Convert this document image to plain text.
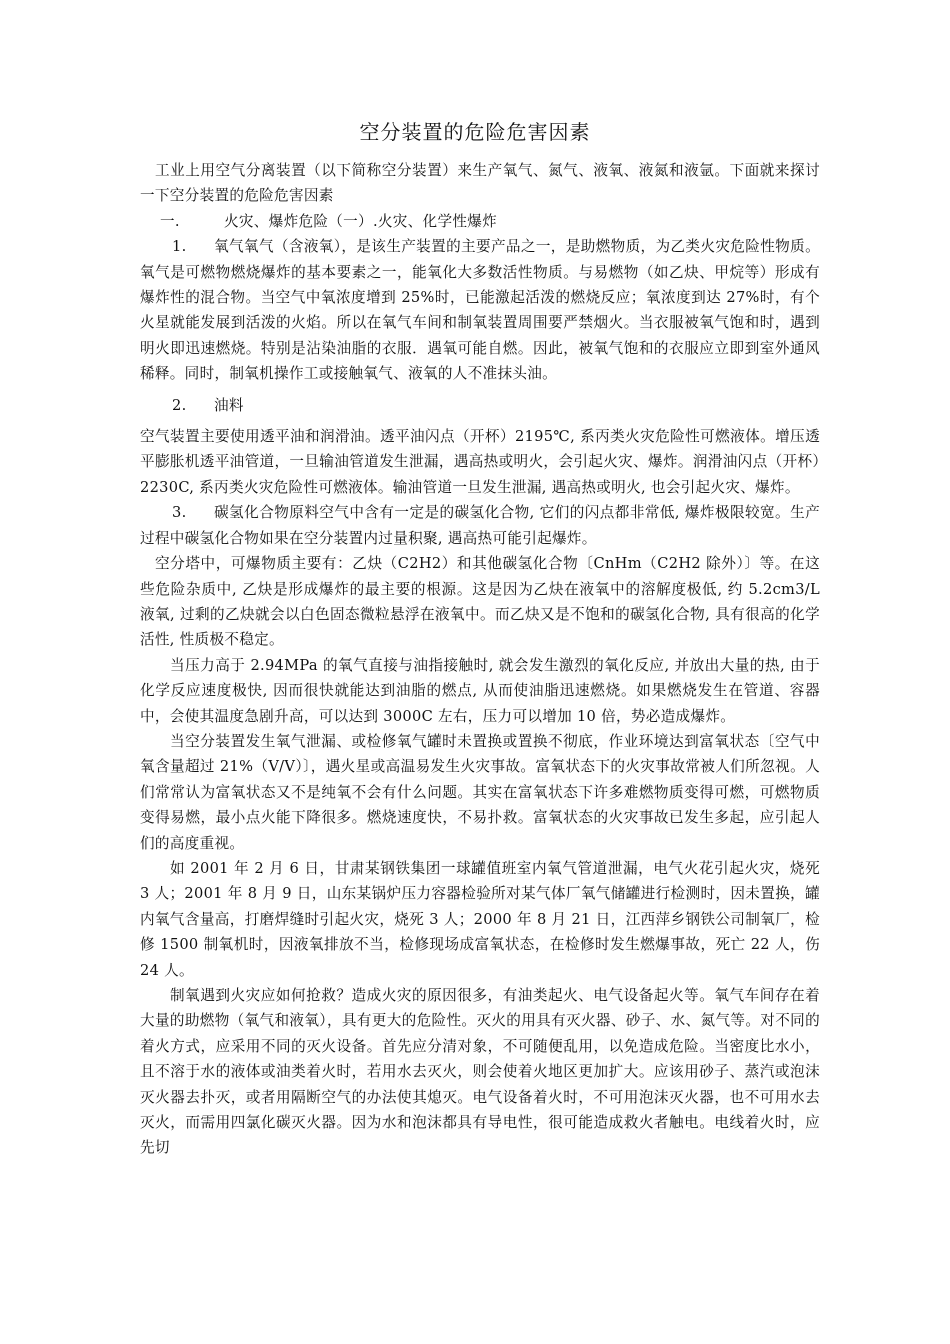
空分装置的危险危害因素

工业上用空气分离装置（以下简称空分装置）来生产氧气、氮气、液氧、液氮和液氩。下面就来探讨一下空分装置的危险危害因素

一.	火灾、爆炸危险（一）.火灾、化学性爆炸

1. 氧气氧气（含液氧），是该生产装置的主要产品之一，是助燃物质，为乙类火灾危险性物质。氧气是可燃物燃烧爆炸的基本要素之一，能氧化大多数活性物质。与易燃物（如乙炔、甲烷等）形成有爆炸性的混合物。当空气中氧浓度增到 25%时，已能激起活泼的燃烧反应；氧浓度到达 27%时，有个火星就能发展到活泼的火焰。所以在氧气车间和制氧装置周围要严禁烟火。当衣服被氧气饱和时，遇到明火即迅速燃烧。特别是沾染油脂的衣服．遇氧可能自燃。因此，被氧气饱和的衣服应立即到室外通风稀释。同时，制氧机操作工或接触氧气、液氧的人不准抹头油。

2. 油料

空气装置主要使用透平油和润滑油。透平油闪点（开杯）2195℃, 系丙类火灾危险性可燃液体。增压透平膨胀机透平油管道，一旦输油管道发生泄漏，遇高热或明火，会引起火灾、爆炸。润滑油闪点（开杯）2230C, 系丙类火灾危险性可燃液体。输油管道一旦发生泄漏, 遇高热或明火, 也会引起火灾、爆炸。

3. 碳氢化合物原料空气中含有一定是的碳氢化合物, 它们的闪点都非常低, 爆炸极限较宽。生产过程中碳氢化合物如果在空分装置内过量积聚, 遇高热可能引起爆炸。

空分塔中，可爆物质主要有：乙炔（C2H2）和其他碳氢化合物〔CnHm（C2H2 除外）〕等。在这些危险杂质中, 乙炔是形成爆炸的最主要的根源。这是因为乙炔在液氧中的溶解度极低, 约 5.2cm3/L 液氧, 过剩的乙炔就会以白色固态微粒悬浮在液氧中。而乙炔又是不饱和的碳氢化合物, 具有很高的化学活性, 性质极不稳定。

当压力高于 2.94MPa 的氧气直接与油指接触时, 就会发生激烈的氧化反应, 并放出大量的热, 由于化学反应速度极快, 因而很快就能达到油脂的燃点, 从而使油脂迅速燃烧。如果燃烧发生在管道、容器中，会使其温度急剧升高，可以达到 3000C 左右，压力可以增加 10 倍，势必造成爆炸。

当空分装置发生氧气泄漏、或检修氧气罐时未置换或置换不彻底，作业环境达到富氧状态〔空气中氧含量超过 21%（V/V）〕，遇火星或高温易发生火灾事故。富氧状态下的火灾事故常被人们所忽视。人们常常认为富氧状态又不是纯氧不会有什么问题。其实在富氧状态下许多难燃物质变得可燃，可燃物质变得易燃，最小点火能下降很多。燃烧速度快，不易扑救。富氧状态的火灾事故已发生多起，应引起人们的高度重视。

如 2001 年 2 月 6 日，甘肃某钢铁集团一球罐值班室内氧气管道泄漏，电气火花引起火灾，烧死 3 人；2001 年 8 月 9 日，山东某锅炉压力容器检验所对某气体厂氧气储罐进行检测时，因未置换，罐内氧气含量高，打磨焊缝时引起火灾，烧死 3 人；2000 年 8 月 21 日，江西萍乡钢铁公司制氧厂，检修 1500 制氧机时，因液氧排放不当，检修现场成富氧状态，在检修时发生燃爆事故，死亡 22 人，伤 24 人。

制氧遇到火灾应如何抢救？造成火灾的原因很多，有油类起火、电气设备起火等。氧气车间存在着大量的助燃物（氧气和液氧），具有更大的危险性。灭火的用具有灭火器、砂子、水、氮气等。对不同的着火方式，应采用不同的灭火设备。首先应分清对象，不可随便乱用，以免造成危险。当密度比水小，且不溶于水的液体或油类着火时，若用水去灭火，则会使着火地区更加扩大。应该用砂子、蒸汽或泡沫灭火器去扑灭，或者用隔断空气的办法使其熄灭。电气设备着火时，不可用泡沫灭火器，也不可用水去灭火，而需用四氯化碳灭火器。因为水和泡沫都具有导电性，很可能造成救火者触电。电线着火时，应先切
